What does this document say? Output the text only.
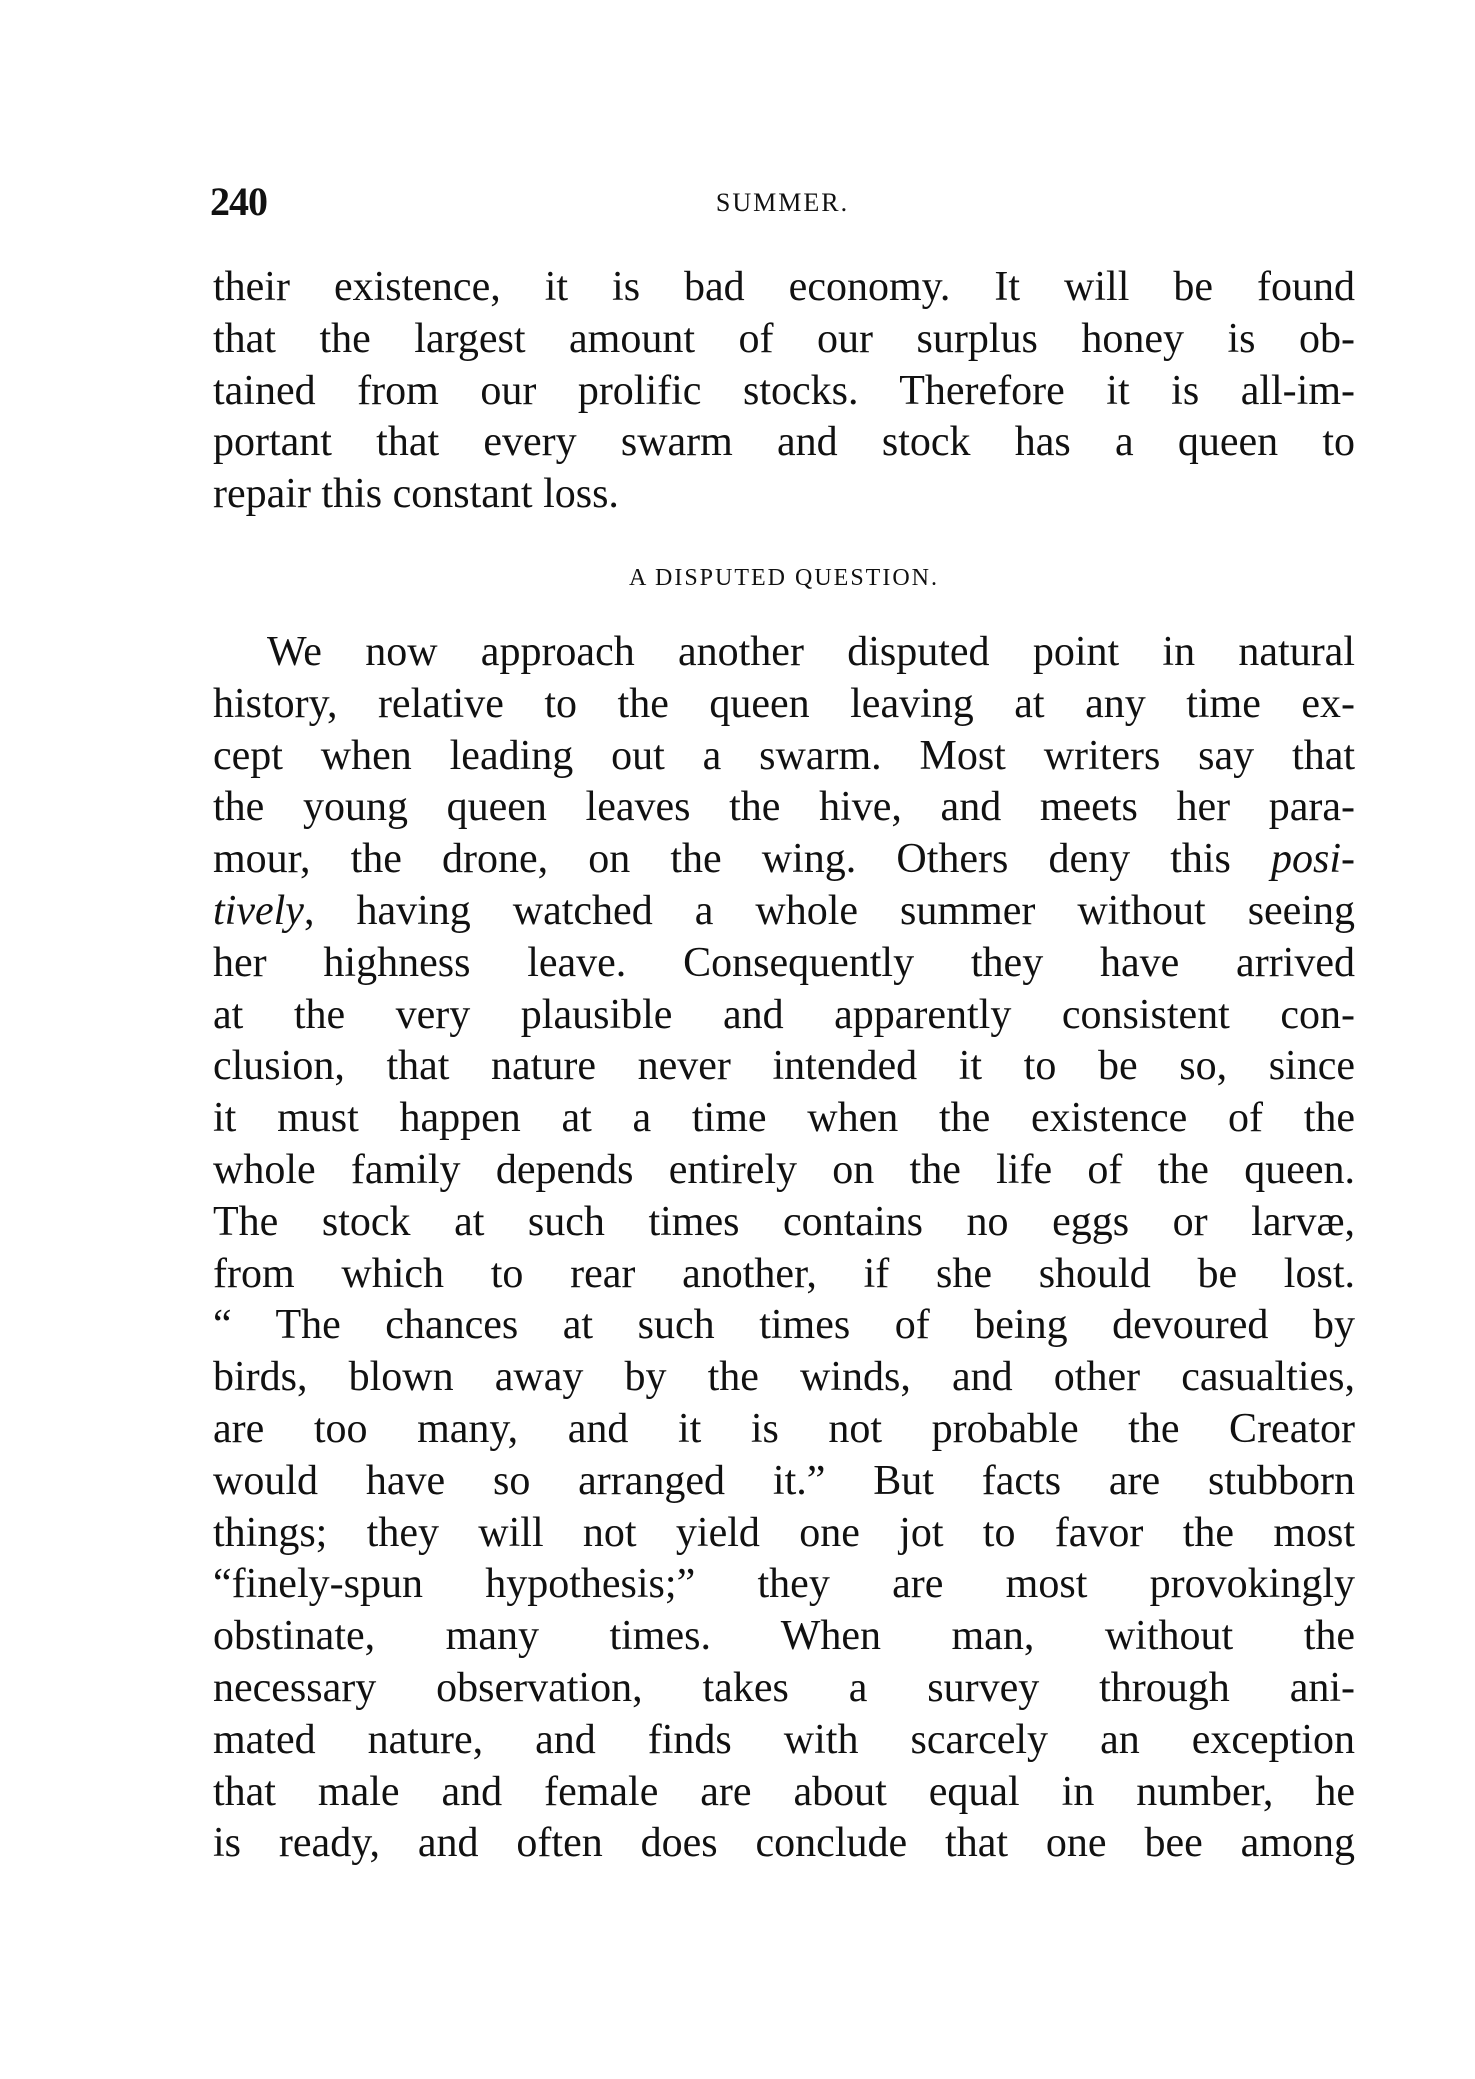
240	SUMMER.
their existence, it is bad economy. It will be found
that the largest amount of our surplus honey is ob-
tained from our prolific stocks. Therefore it is all-im-
portant that every swarm and stock has a queen to
repair this constant loss.
A DISPUTED QUESTION.
We now approach another disputed point in natural
history, relative to the queen leaving at any time ex-
cept when leading out a swarm. Most writers say that
the young queen leaves the hive, and meets her para-
mour, the drone, on the wing. Others deny this posi-
tively, having watched a whole summer without seeing
her highness leave. Consequently they have arrived
at the very plausible and apparently consistent con-
clusion, that nature never intended it to be so, since
it must happen at a time when the existence of the
whole family depends entirely on the life of the queen.
The stock at such times contains no eggs or larvæ,
from which to rear another, if she should be lost.
“ The chances at such times of being devoured by
birds, blown away by the winds, and other casualties,
are too many, and it is not probable the Creator
would have so arranged it.” But facts are stubborn
things; they will not yield one jot to favor the most
“finely-spun hypothesis;” they are most provokingly
obstinate, many times. When man, without the
necessary observation, takes a survey through ani-
mated nature, and finds with scarcely an exception
that male and female are about equal in number, he
is ready, and often does conclude that one bee among
